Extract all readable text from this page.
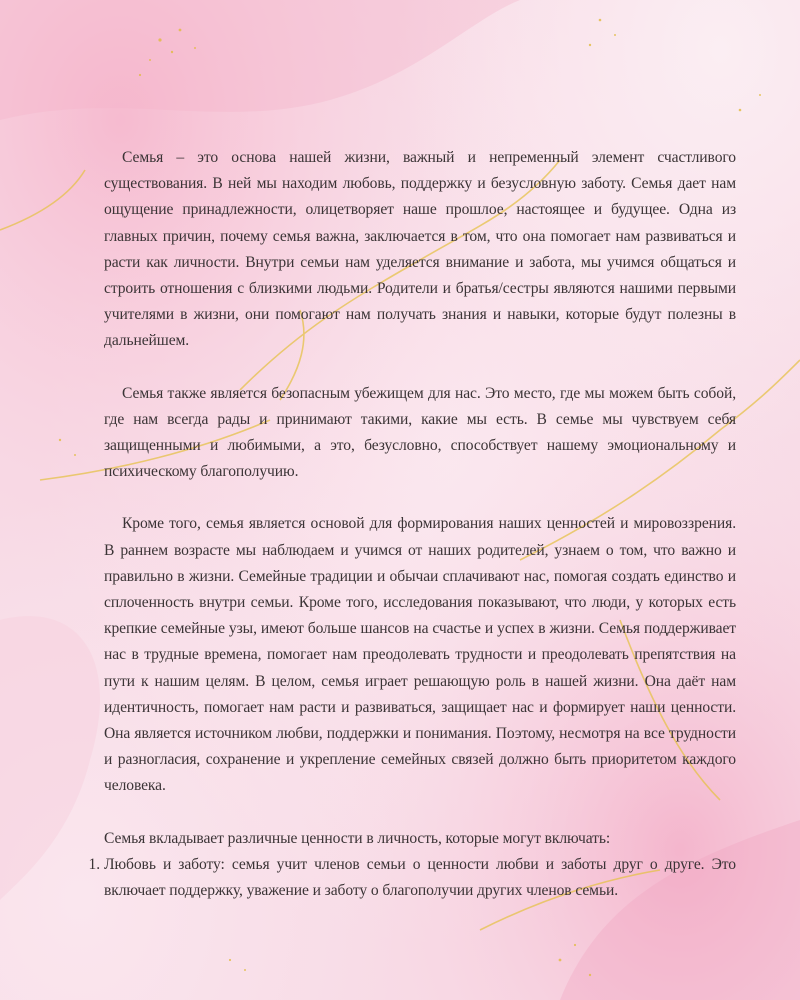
Семья – это основа нашей жизни, важный и непременный элемент счастливого существования. В ней мы находим любовь, поддержку и безусловную заботу. Семья дает нам ощущение принадлежности, олицетворяет наше прошлое, настоящее и будущее. Одна из главных причин, почему семья важна, заключается в том, что она помогает нам развиваться и расти как личности. Внутри семьи нам уделяется внимание и забота, мы учимся общаться и строить отношения с близкими людьми. Родители и братья/сестры являются нашими первыми учителями в жизни, они помогают нам получать знания и навыки, которые будут полезны в дальнейшем.

Семья также является безопасным убежищем для нас. Это место, где мы можем быть собой, где нам всегда рады и принимают такими, какие мы есть. В семье мы чувствуем себя защищенными и любимыми, а это, безусловно, способствует нашему эмоциональному и психическому благополучию.

Кроме того, семья является основой для формирования наших ценностей и мировоззрения. В раннем возрасте мы наблюдаем и учимся от наших родителей, узнаем о том, что важно и правильно в жизни. Семейные традиции и обычаи сплачивают нас, помогая создать единство и сплоченность внутри семьи. Кроме того, исследования показывают, что люди, у которых есть крепкие семейные узы, имеют больше шансов на счастье и успех в жизни. Семья поддерживает нас в трудные времена, помогает нам преодолевать трудности и преодолевать препятствия на пути к нашим целям. В целом, семья играет решающую роль в нашей жизни. Она даёт нам идентичность, помогает нам расти и развиваться, защищает нас и формирует наши ценности. Она является источником любви, поддержки и понимания. Поэтому, несмотря на все трудности и разногласия, сохранение и укрепление семейных связей должно быть приоритетом каждого человека.

Семья вкладывает различные ценности в личность, которые могут включать:

1. Любовь и заботу: семья учит членов семьи о ценности любви и заботы друг о друге. Это включает поддержку, уважение и заботу о благополучии других членов семьи.
